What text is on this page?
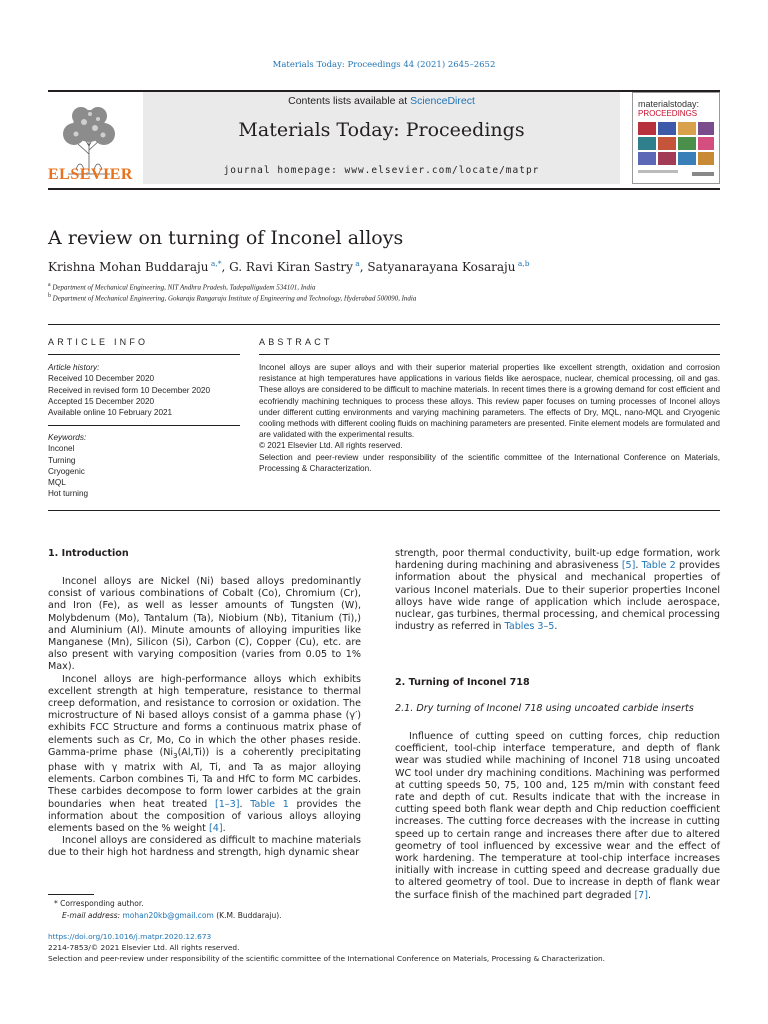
Materials Today: Proceedings 44 (2021) 2645–2652
ELSEVIER
Contents lists available at ScienceDirect
Materials Today: Proceedings
journal homepage: www.elsevier.com/locate/matpr
materialstoday:
PROCEEDINGS
A review on turning of Inconel alloys
Krishna Mohan Buddaraju $^{a,*}$, G. Ravi Kiran Sastry $^a$, Satyanarayana Kosaraju $^{a,b}$
$^a$ Department of Mechanical Engineering, NIT Andhra Pradesh, Tadepalligudem 534101, India
$^b$ Department of Mechanical Engineering, Gokaraju Rangaraju Institute of Engineering and Technology, Hyderabad 500090, India
ARTICLE INFO
Article history:
Received 10 December 2020
Received in revised form 10 December 2020
Accepted 15 December 2020
Available online 10 February 2021
Keywords:
Inconel
Turning
Cryogenic
MQL
Hot turning
ABSTRACT

Inconel alloys are super alloys and with their superior material properties like excellent strength, oxidation and corrosion resistance at high temperatures have applications in various fields like aerospace, nuclear, chemical processing, oil and gas. These alloys are considered to be difficult to machine materials. In recent times there is a growing demand for cost efficient and ecofriendly machining techniques to process these alloys. This review paper focuses on turning processes of Inconel alloys under different cutting environments and varying machining parameters. The effects of Dry, MQL, nano-MQL and Cryogenic cooling methods with different cooling fluids on machining parameters are presented. Finite element models are formulated and are validated with the experimental results.

© 2021 Elsevier Ltd. All rights reserved.

Selection and peer-review under responsibility of the scientific committee of the International Conference on Materials, Processing & Characterization.

1. Introduction

Inconel alloys are Nickel (Ni) based alloys predominantly consist of various combinations of Cobalt (Co), Chromium (Cr), and Iron (Fe), as well as lesser amounts of Tungsten (W), Molybdenum (Mo), Tantalum (Ta), Niobium (Nb), Titanium (Ti),) and Aluminium (Al). Minute amounts of alloying impurities like Manganese (Mn), Silicon (Si), Carbon (C), Copper (Cu), etc. are also present with varying composition (varies from 0.05 to 1% Max).

Inconel alloys are high-performance alloys which exhibits excellent strength at high temperature, resistance to thermal creep deformation, and resistance to corrosion or oxidation. The microstructure of Ni based alloys consist of a gamma phase (γ′) exhibits FCC Structure and forms a continuous matrix phase of elements such as Cr, Mo, Co in which the other phases reside. Gamma-prime phase $(Ni_3(Al,Ti))$ is a coherently precipitating phase with γ matrix with Al, Ti, and Ta as major alloying elements. Carbon combines Ti, Ta and HfC to form MC carbides. These carbides decompose to form lower carbides at the grain boundaries when heat treated [1–3]. Table 1 provides the information about the composition of various alloys alloying elements based on the % weight [4].

Inconel alloys are considered as difficult to machine materials due to their high hot hardness and strength, high dynamic shear

* Corresponding author.
E-mail address: mohan20kb@gmail.com (K.M. Buddaraju).

strength, poor thermal conductivity, built-up edge formation, work hardening during machining and abrasiveness [5]. Table 2 provides information about the physical and mechanical properties of various Inconel materials. Due to their superior properties Inconel alloys have wide range of application which include aerospace, nuclear, gas turbines, thermal processing, and chemical processing industry as referred in Tables 3–5.

2. Turning of Inconel 718
2.1. Dry turning of Inconel 718 using uncoated carbide inserts

Influence of cutting speed on cutting forces, chip reduction coefficient, tool-chip interface temperature, and depth of flank wear was studied while machining of Inconel 718 using uncoated WC tool under dry machining conditions. Machining was performed at cutting speeds 50, 75, 100 and, 125 m/min with constant feed rate and depth of cut. Results indicate that with the increase in cutting speed both flank wear depth and Chip reduction coefficient increases. The cutting force decreases with the increase in cutting speed up to certain range and increases there after due to altered geometry of tool influenced by excessive wear and the effect of work hardening. The temperature at tool-chip interface increases initially with increase in cutting speed and decrease gradually due to altered geometry of tool. Due to increase in depth of flank wear the surface finish of the machined part degraded [7].

https://doi.org/10.1016/j.matpr.2020.12.673
2214-7853/© 2021 Elsevier Ltd. All rights reserved.
Selection and peer-review under responsibility of the scientific committee of the International Conference on Materials, Processing & Characterization.
